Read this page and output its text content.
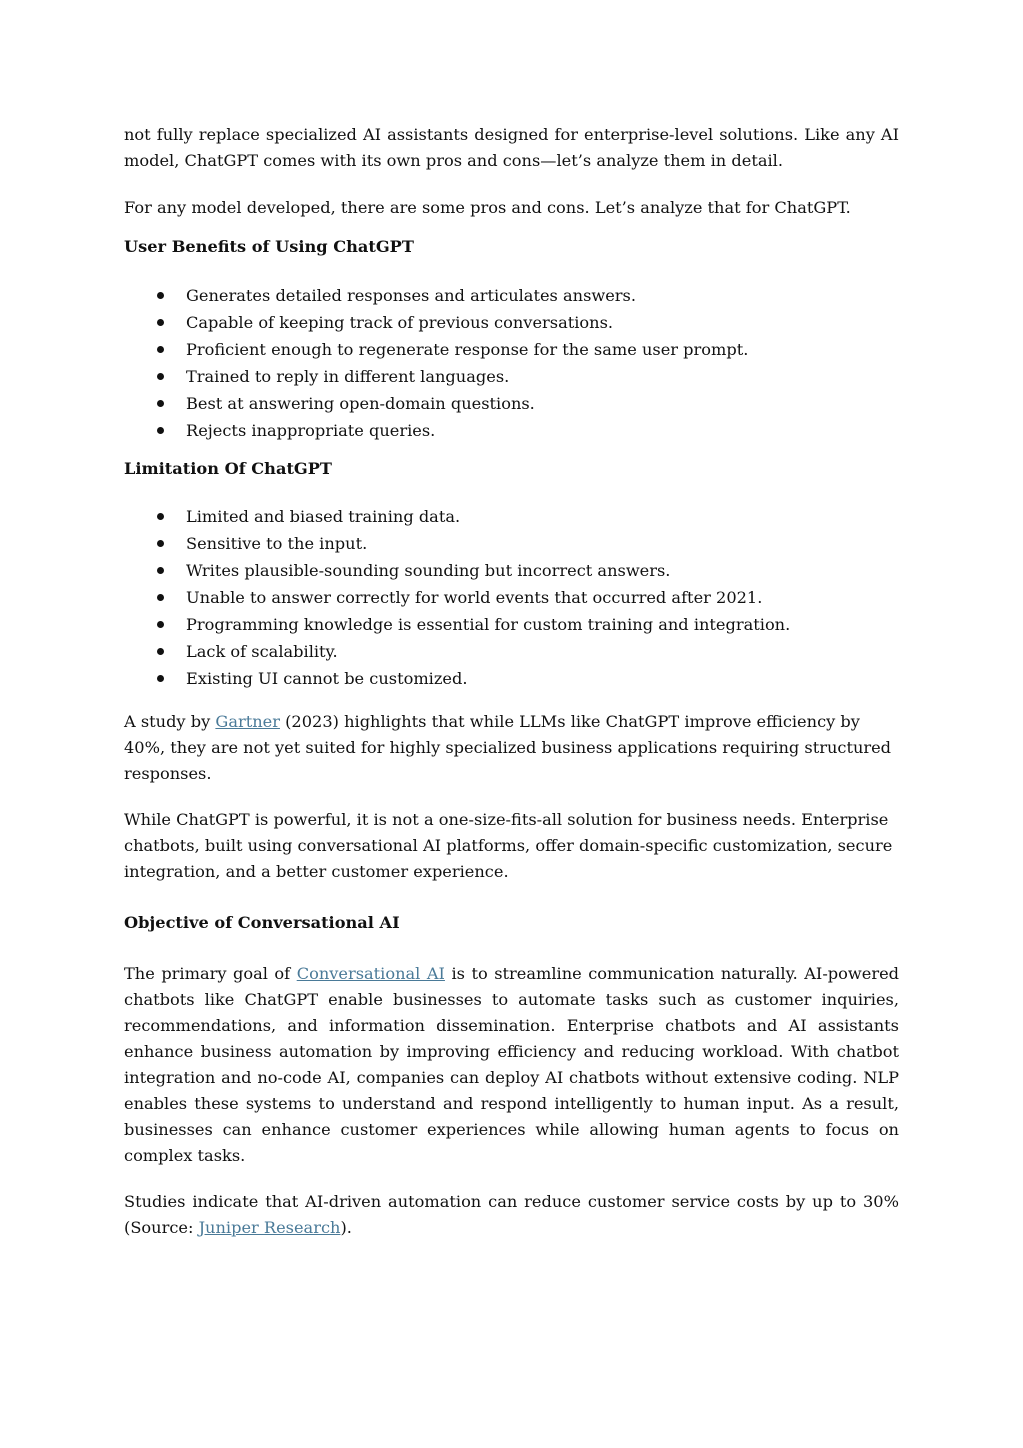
not fully replace specialized AI assistants designed for enterprise-level solutions. Like any AI model, ChatGPT comes with its own pros and cons—let’s analyze them in detail.

For any model developed, there are some pros and cons. Let’s analyze that for ChatGPT.

User Benefits of Using ChatGPT

Generates detailed responses and articulates answers.
Capable of keeping track of previous conversations.
Proficient enough to regenerate response for the same user prompt.
Trained to reply in different languages.
Best at answering open-domain questions.
Rejects inappropriate queries.

Limitation Of ChatGPT

Limited and biased training data.
Sensitive to the input.
Writes plausible-sounding sounding but incorrect answers.
Unable to answer correctly for world events that occurred after 2021.
Programming knowledge is essential for custom training and integration.
Lack of scalability.
Existing UI cannot be customized.

A study by Gartner (2023) highlights that while LLMs like ChatGPT improve efficiency by 40%, they are not yet suited for highly specialized business applications requiring structured responses.

While ChatGPT is powerful, it is not a one-size-fits-all solution for business needs. Enterprise chatbots, built using conversational AI platforms, offer domain-specific customization, secure integration, and a better customer experience.

Objective of Conversational AI

The primary goal of Conversational AI is to streamline communication naturally. AI-powered chatbots like ChatGPT enable businesses to automate tasks such as customer inquiries, recommendations, and information dissemination. Enterprise chatbots and AI assistants enhance business automation by improving efficiency and reducing workload. With chatbot integration and no-code AI, companies can deploy AI chatbots without extensive coding. NLP enables these systems to understand and respond intelligently to human input. As a result, businesses can enhance customer experiences while allowing human agents to focus on complex tasks.

Studies indicate that AI-driven automation can reduce customer service costs by up to 30% (Source: Juniper Research).
